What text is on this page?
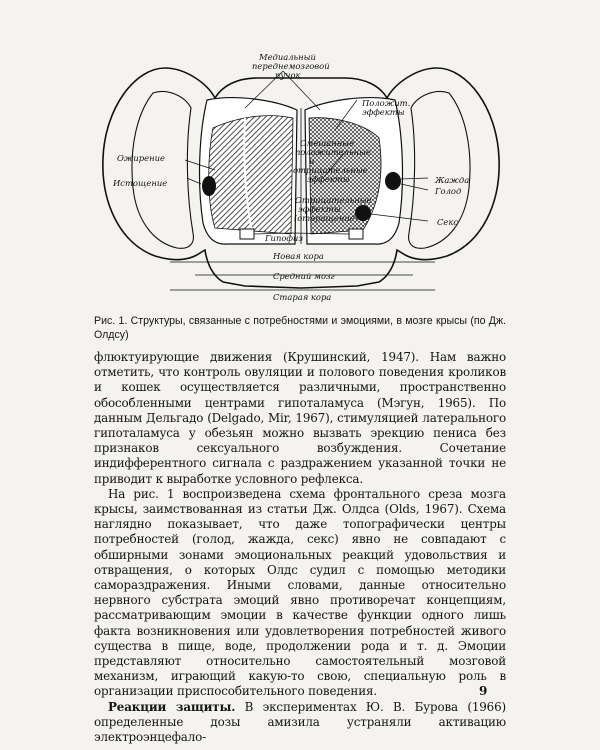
Медиальный
переднемозговой
пучок
Положит.
эффекты
Смешанные
положительные
и
отрицательные
эффекты
Ожирение
Истощение	Жажда
Голод
Отрицательные
эффекты
(отвращение)	Секс
Гипофиз
Новая кора
Средний мозг
Старая кора
Рис. 1. Структуры, связанные с потребностями и эмоциями, в мозге крысы (по Дж. Олдсу)

флюктуирующие движения (Крушинский, 1947). Нам важно отметить, что контроль овуляции и полового поведения кроликов и кошек осуществляется различными, пространственно обособленными центрами гипоталамуса (Мэгун, 1965). По данным Дельгадо (Delgado, Mir, 1967), стимуляцией латерального гипоталамуса у обезьян можно вызвать эрекцию пениса без признаков сексуального возбуждения. Сочетание индифферентного сигнала с раздражением указанной точки не приводит к выработке условного рефлекса.

На рис. 1 воспроизведена схема фронтального среза мозга крысы, заимствованная из статьи Дж. Олдса (Olds, 1967). Схема наглядно показывает, что даже топографически центры потребностей (голод, жажда, секс) явно не совпадают с обширными зонами эмоциональных реакций удовольствия и отвращения, о которых Олдс судил с помощью методики самораздражения. Иными словами, данные относительно нервного субстрата эмоций явно противоречат концепциям, рассматривающим эмоции в качестве функции одного лишь факта возникновения или удовлетворения потребностей живого существа в пище, воде, продолжении рода и т. д. Эмоции представляют относительно самостоятельный мозговой механизм, играющий какую-то свою, специальную роль в организации приспособительного поведения.

Реакции защиты. В экспериментах Ю. В. Бурова (1966) определенные дозы амизила устраняли активацию электроэнцефало-

9
